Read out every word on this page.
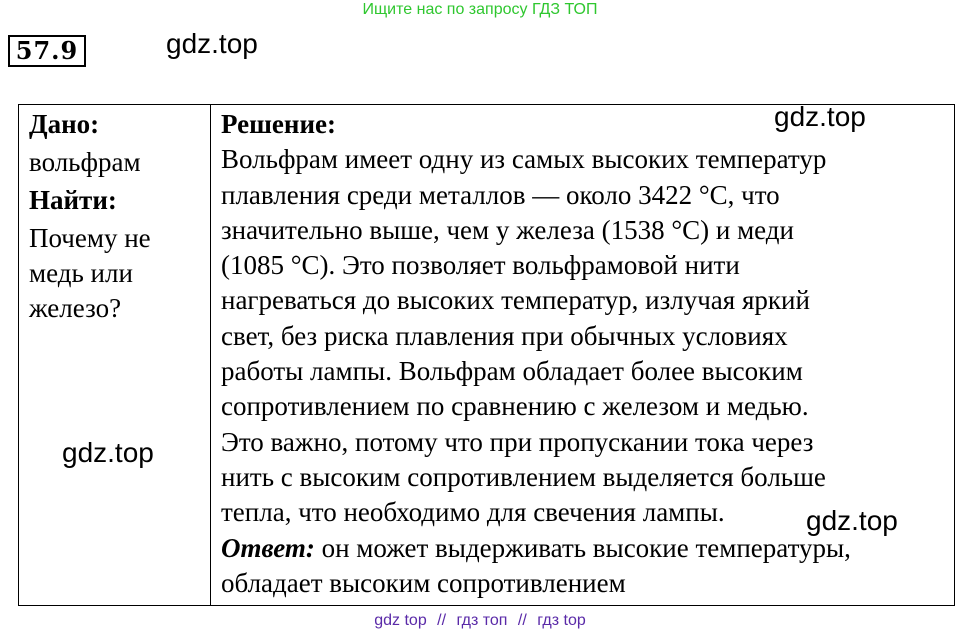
Ищите нас по запросу ГДЗ ТОП
57.9	gdz.top
Дано:
вольфрам
Найти:
Почему не
медь или
железо?
Решение:
Вольфрам имеет одну из самых высоких температур
плавления среди металлов — около 3422 °С, что
значительно выше, чем у железа (1538 °С) и меди
(1085 °С). Это позволяет вольфрамовой нити
нагреваться до высоких температур, излучая яркий
свет, без риска плавления при обычных условиях
работы лампы. Вольфрам обладает более высоким
сопротивлением по сравнению с железом и медью.
Это важно, потому что при пропускании тока через
нить с высоким сопротивлением выделяется больше
тепла, что необходимо для свечения лампы.
Ответ: он может выдерживать высокие температуры,
обладает высоким сопротивлением
gdz.top
gdz.top
gdz.top
gdz top // гдз топ // гдз top
